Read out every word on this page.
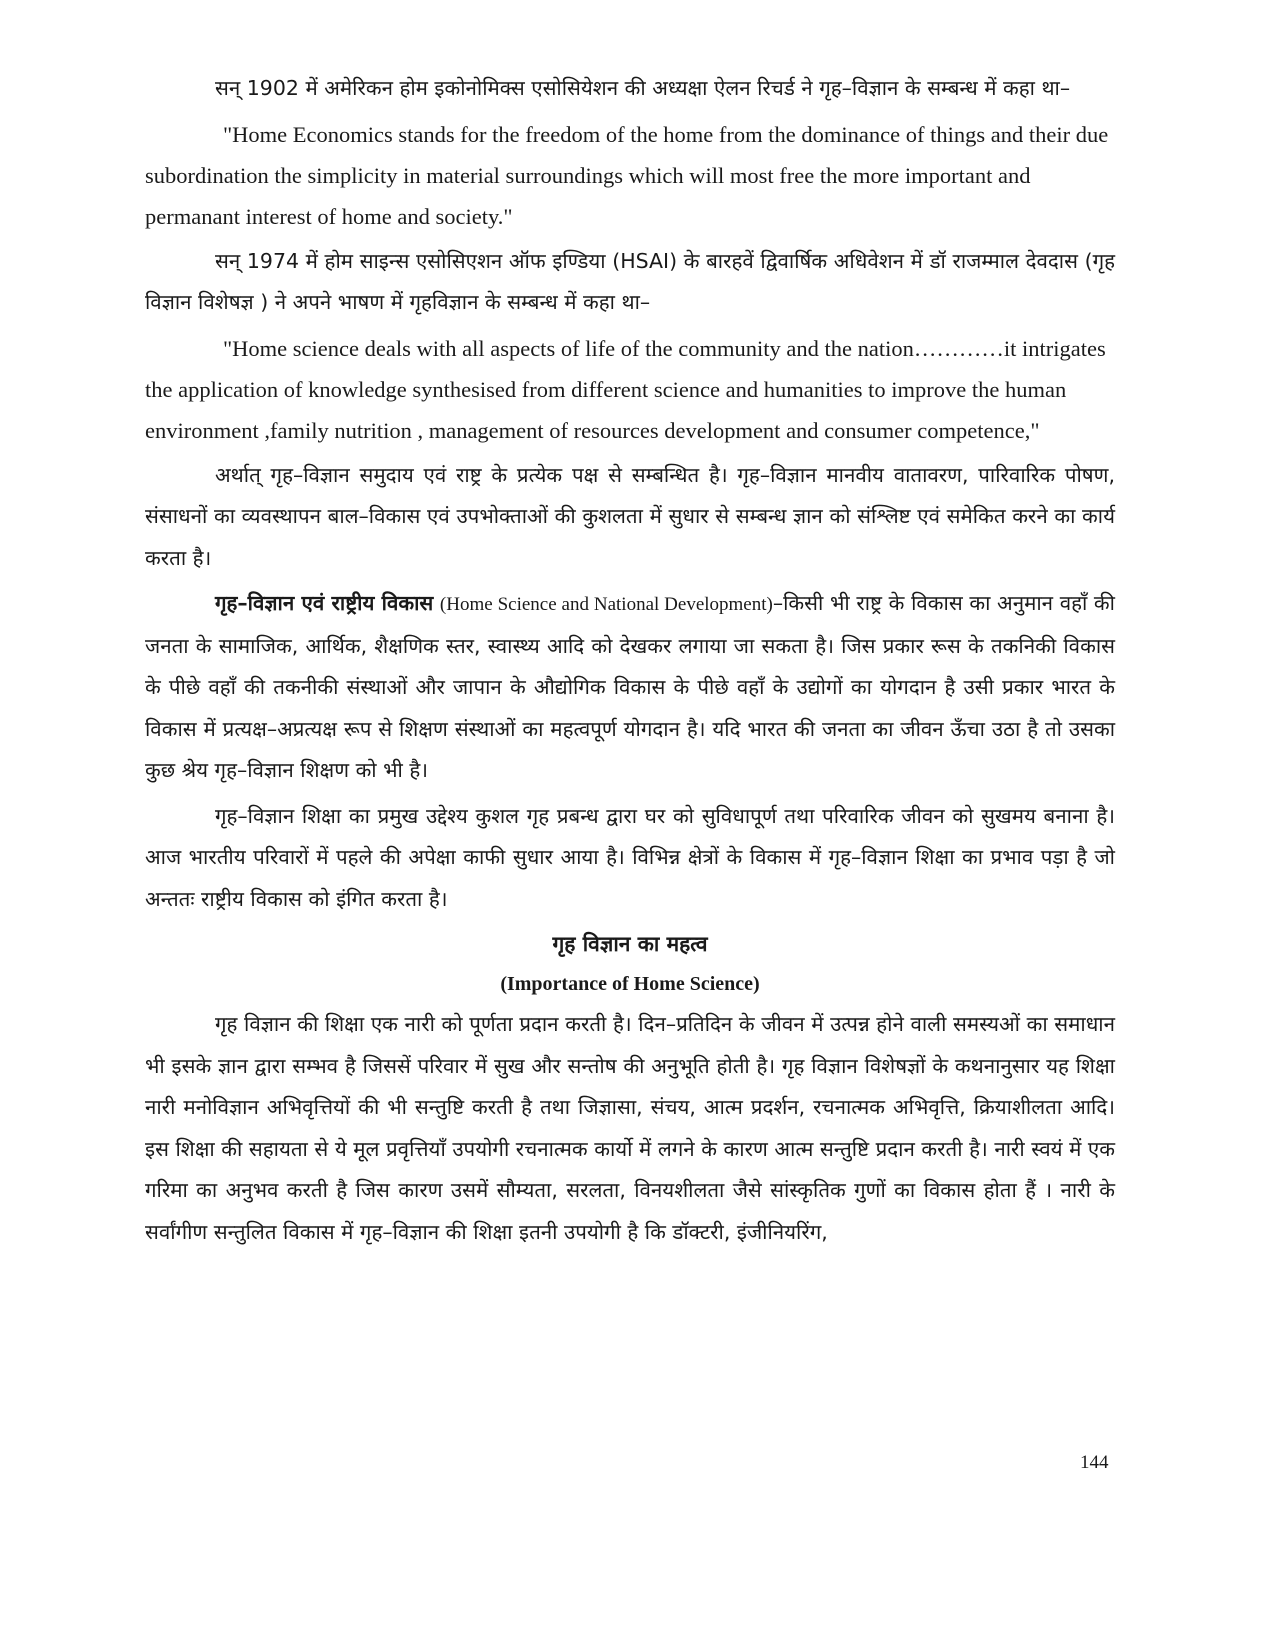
सन् 1902 में अमेरिकन होम इकोनोमिक्स एसोसियेशन की अध्यक्षा ऐलन रिचर्ड ने गृह–विज्ञान के सम्बन्ध में कहा था–

"Home Economics stands for the freedom of the home from the dominance of things and their due subordination the simplicity in material surroundings which will most free the more important and permanant interest of home and society."

सन् 1974 में होम साइन्स एसोसिएशन ऑफ इण्डिया (HSAI) के बारहवें द्विवार्षिक अधिवेशन में डॉ राजम्माल देवदास (गृह विज्ञान विशेषज्ञ ) ने अपने भाषण में गृहविज्ञान के सम्बन्ध में कहा था–

"Home science deals with all aspects of life of the community and the nation…………it intrigates the application of knowledge synthesised from different science and humanities to improve the human environment ,family nutrition , management of resources development and consumer competence,"

अर्थात् गृह–विज्ञान समुदाय एवं राष्ट्र के प्रत्येक पक्ष से सम्बन्धित है। गृह–विज्ञान मानवीय वातावरण, पारिवारिक पोषण, संसाधनों का व्यवस्थापन बाल–विकास एवं उपभोक्ताओं की कुशलता में सुधार से सम्बन्ध ज्ञान को संश्लिष्ट एवं समेकित करने का कार्य करता है।

गृह–विज्ञान एवं राष्ट्रीय विकास (Home Science and National Development)–किसी भी राष्ट्र के विकास का अनुमान वहाँ की जनता के सामाजिक, आर्थिक, शैक्षणिक स्तर, स्वास्थ्य आदि को देखकर लगाया जा सकता है। जिस प्रकार रूस के तकनिकी विकास के पीछे वहाँ की तकनीकी संस्थाओं और जापान के औद्योगिक विकास के पीछे वहाँ के उद्योगों का योगदान है उसी प्रकार भारत के विकास में प्रत्यक्ष–अप्रत्यक्ष रूप से शिक्षण संस्थाओं का महत्वपूर्ण योगदान है। यदि भारत की जनता का जीवन ऊँचा उठा है तो उसका कुछ श्रेय गृह–विज्ञान शिक्षण को भी है।

गृह–विज्ञान शिक्षा का प्रमुख उद्देश्य कुशल गृह प्रबन्ध द्वारा घर को सुविधापूर्ण तथा परिवारिक जीवन को सुखमय बनाना है। आज भारतीय परिवारों में पहले की अपेक्षा काफी सुधार आया है। विभिन्न क्षेत्रों के विकास में गृह–विज्ञान शिक्षा का प्रभाव पड़ा है जो अन्ततः राष्ट्रीय विकास को इंगित करता है।

गृह विज्ञान का महत्व

(Importance of Home Science)

गृह विज्ञान की शिक्षा एक नारी को पूर्णता प्रदान करती है। दिन–प्रतिदिन के जीवन में उत्पन्न होने वाली समस्यओं का समाधान भी इसके ज्ञान द्वारा सम्भव है जिससें परिवार में सुख और सन्तोष की अनुभूति होती है। गृह विज्ञान विशेषज्ञों के कथनानुसार यह शिक्षा नारी मनोविज्ञान अभिवृत्तियों की भी सन्तुष्टि करती है तथा जिज्ञासा, संचय, आत्म प्रदर्शन, रचनात्मक अभिवृत्ति, क्रियाशीलता आदि। इस शिक्षा की सहायता से ये मूल प्रवृत्तियाँ उपयोगी रचनात्मक कार्यो में लगने के कारण आत्म सन्तुष्टि प्रदान करती है। नारी स्वयं में एक गरिमा का अनुभव करती है जिस कारण उसमें सौम्यता, सरलता, विनयशीलता जैसे सांस्कृतिक गुणों का विकास होता हैं । नारी के सर्वांगीण सन्तुलित विकास में गृह–विज्ञान की शिक्षा इतनी उपयोगी है कि डॉक्टरी, इंजीनियरिंग,

144
